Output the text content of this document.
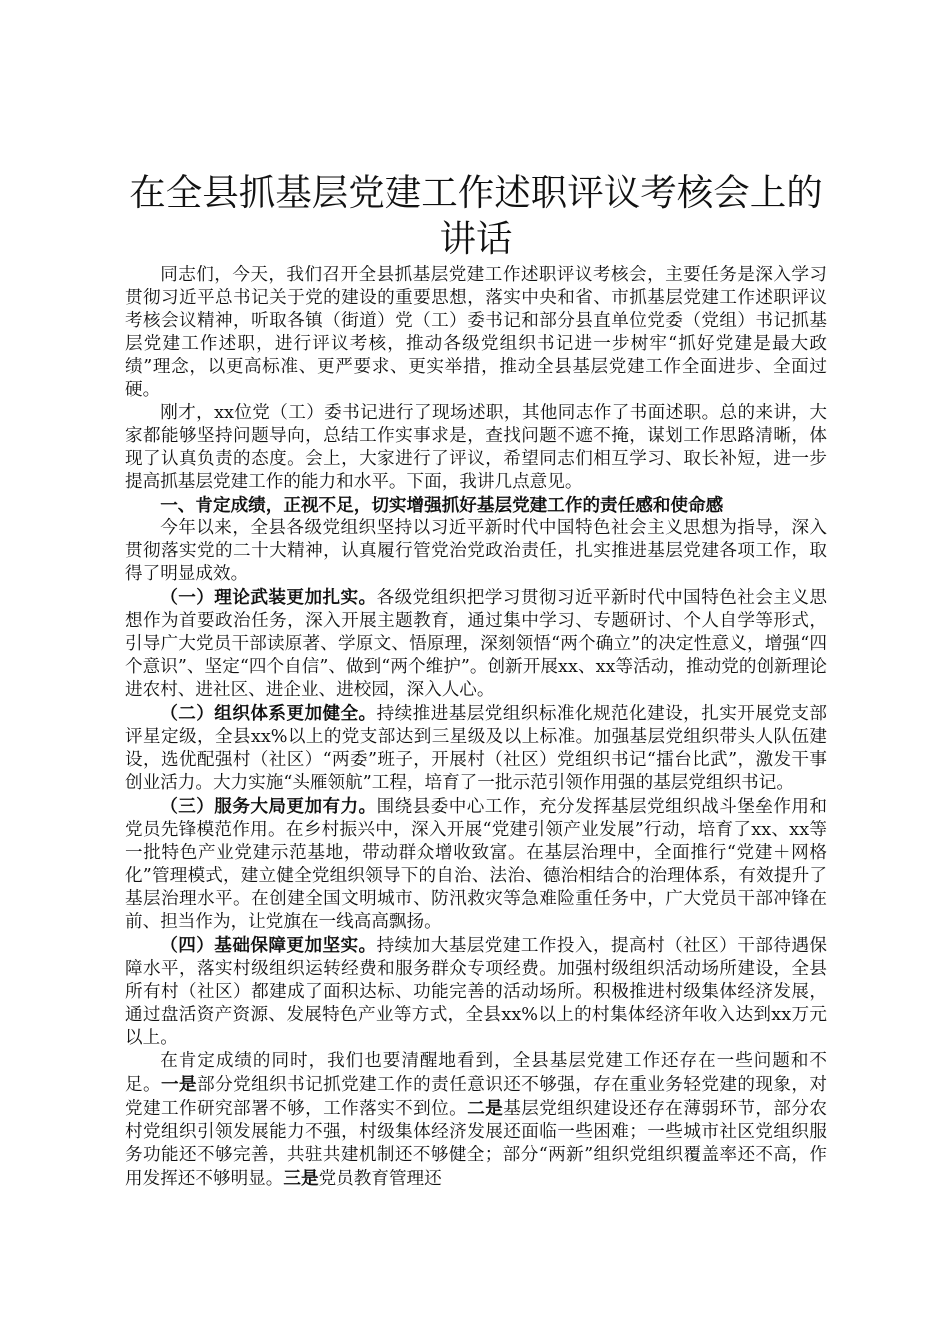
在全县抓基层党建工作述职评议考核会上的讲话

同志们，今天，我们召开全县抓基层党建工作述职评议考核会，主要任务是深入学习贯彻习近平总书记关于党的建设的重要思想，落实中央和省、市抓基层党建工作述职评议考核会议精神，听取各镇（街道）党（工）委书记和部分县直单位党委（党组）书记抓基层党建工作述职，进行评议考核，推动各级党组织书记进一步树牢“抓好党建是最大政绩”理念，以更高标准、更严要求、更实举措，推动全县基层党建工作全面进步、全面过硬。

刚才，xx位党（工）委书记进行了现场述职，其他同志作了书面述职。总的来讲，大家都能够坚持问题导向，总结工作实事求是，查找问题不遮不掩，谋划工作思路清晰，体现了认真负责的态度。会上，大家进行了评议，希望同志们相互学习、取长补短，进一步提高抓基层党建工作的能力和水平。下面，我讲几点意见。

一、肯定成绩，正视不足，切实增强抓好基层党建工作的责任感和使命感

今年以来，全县各级党组织坚持以习近平新时代中国特色社会主义思想为指导，深入贯彻落实党的二十大精神，认真履行管党治党政治责任，扎实推进基层党建各项工作，取得了明显成效。

（一）理论武装更加扎实。各级党组织把学习贯彻习近平新时代中国特色社会主义思想作为首要政治任务，深入开展主题教育，通过集中学习、专题研讨、个人自学等形式，引导广大党员干部读原著、学原文、悟原理，深刻领悟“两个确立”的决定性意义，增强“四个意识”、坚定“四个自信”、做到“两个维护”。创新开展xx、xx等活动，推动党的创新理论进农村、进社区、进企业、进校园，深入人心。

（二）组织体系更加健全。持续推进基层党组织标准化规范化建设，扎实开展党支部评星定级，全县xx%以上的党支部达到三星级及以上标准。加强基层党组织带头人队伍建设，选优配强村（社区）“两委”班子，开展村（社区）党组织书记“擂台比武”，激发干事创业活力。大力实施“头雁领航”工程，培育了一批示范引领作用强的基层党组织书记。

（三）服务大局更加有力。围绕县委中心工作，充分发挥基层党组织战斗堡垒作用和党员先锋模范作用。在乡村振兴中，深入开展“党建引领产业发展”行动，培育了xx、xx等一批特色产业党建示范基地，带动群众增收致富。在基层治理中，全面推行“党建＋网格化”管理模式，建立健全党组织领导下的自治、法治、德治相结合的治理体系，有效提升了基层治理水平。在创建全国文明城市、防汛救灾等急难险重任务中，广大党员干部冲锋在前、担当作为，让党旗在一线高高飘扬。

（四）基础保障更加坚实。持续加大基层党建工作投入，提高村（社区）干部待遇保障水平，落实村级组织运转经费和服务群众专项经费。加强村级组织活动场所建设，全县所有村（社区）都建成了面积达标、功能完善的活动场所。积极推进村级集体经济发展，通过盘活资产资源、发展特色产业等方式，全县xx%以上的村集体经济年收入达到xx万元以上。

在肯定成绩的同时，我们也要清醒地看到，全县基层党建工作还存在一些问题和不足。一是部分党组织书记抓党建工作的责任意识还不够强，存在重业务轻党建的现象，对党建工作研究部署不够，工作落实不到位。二是基层党组织建设还存在薄弱环节，部分农村党组织引领发展能力不强，村级集体经济发展还面临一些困难；一些城市社区党组织服务功能还不够完善，共驻共建机制还不够健全；部分“两新”组织党组织覆盖率还不高，作用发挥还不够明显。三是党员教育管理还
